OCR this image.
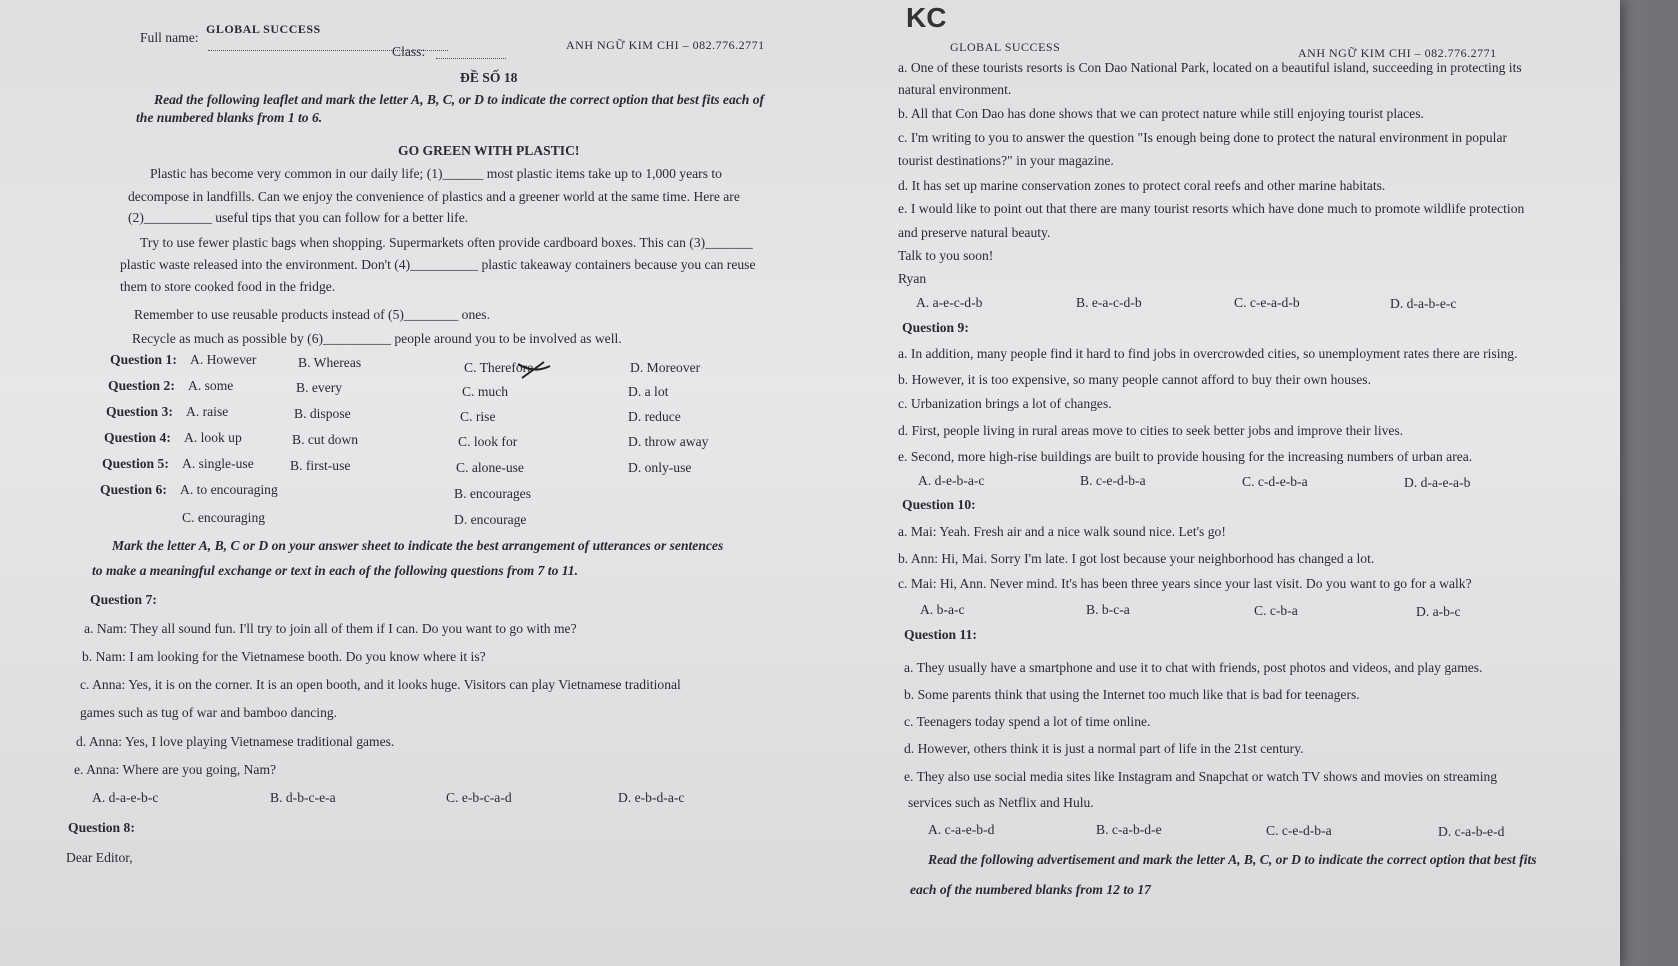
GLOBAL SUCCESS
Full name:
Class:	ANH NGỮ KIM CHI – 082.776.2771
ĐỀ SỐ 18
Read the following leaflet and mark the letter A, B, C, or D to indicate the correct option that best fits each of
the numbered blanks from 1 to 6.
GO GREEN WITH PLASTIC!
Plastic has become very common in our daily life; (1)______ most plastic items take up to 1,000 years to
decompose in landfills. Can we enjoy the convenience of plastics and a greener world at the same time. Here are
(2)__________ useful tips that you can follow for a better life.
Try to use fewer plastic bags when shopping. Supermarkets often provide cardboard boxes. This can (3)_______
plastic waste released into the environment. Don't (4)__________ plastic takeaway containers because you can reuse
them to store cooked food in the fridge.
Remember to use reusable products instead of (5)________ ones.
Recycle as much as possible by (6)__________ people around you to be involved as well.
Question 1: A. However	B. Whereas	C. Therefore	D. Moreover
Question 2: A. some	B. every	C. much	D. a lot
Question 3: A. raise	B. dispose	C. rise	D. reduce
Question 4: A. look up	B. cut down	C. look for	D. throw away
Question 5: A. single-use	B. first-use	C. alone-use	D. only-use
Question 6: A. to encouraging	B. encourages
C. encouraging	D. encourage
Mark the letter A, B, C or D on your answer sheet to indicate the best arrangement of utterances or sentences
to make a meaningful exchange or text in each of the following questions from 7 to 11.
Question 7:
a. Nam: They all sound fun. I'll try to join all of them if I can. Do you want to go with me?
b. Nam: I am looking for the Vietnamese booth. Do you know where it is?
c. Anna: Yes, it is on the corner. It is an open booth, and it looks huge. Visitors can play Vietnamese traditional
games such as tug of war and bamboo dancing.
d. Anna: Yes, I love playing Vietnamese traditional games.
e. Anna: Where are you going, Nam?
A. d-a-e-b-c	B. d-b-c-e-a	C. e-b-c-a-d	D. e-b-d-a-c
Question 8:
Dear Editor,
KC
GLOBAL SUCCESS	ANH NGỮ KIM CHI – 082.776.2771
a. One of these tourists resorts is Con Dao National Park, located on a beautiful island, succeeding in protecting its
natural environment.
b. All that Con Dao has done shows that we can protect nature while still enjoying tourist places.
c. I'm writing to you to answer the question "Is enough being done to protect the natural environment in popular
tourist destinations?" in your magazine.
d. It has set up marine conservation zones to protect coral reefs and other marine habitats.
e. I would like to point out that there are many tourist resorts which have done much to promote wildlife protection
and preserve natural beauty.
Talk to you soon!
Ryan
A. a-e-c-d-b	B. e-a-c-d-b	C. c-e-a-d-b	D. d-a-b-e-c
Question 9:
a. In addition, many people find it hard to find jobs in overcrowded cities, so unemployment rates there are rising.
b. However, it is too expensive, so many people cannot afford to buy their own houses.
c. Urbanization brings a lot of changes.
d. First, people living in rural areas move to cities to seek better jobs and improve their lives.
e. Second, more high-rise buildings are built to provide housing for the increasing numbers of urban area.
A. d-e-b-a-c	B. c-e-d-b-a	C. c-d-e-b-a	D. d-a-e-a-b
Question 10:
a. Mai: Yeah. Fresh air and a nice walk sound nice. Let's go!
b. Ann: Hi, Mai. Sorry I'm late. I got lost because your neighborhood has changed a lot.
c. Mai: Hi, Ann. Never mind. It's has been three years since your last visit. Do you want to go for a walk?
A. b-a-c	B. b-c-a	C. c-b-a	D. a-b-c
Question 11:
a. They usually have a smartphone and use it to chat with friends, post photos and videos, and play games.
b. Some parents think that using the Internet too much like that is bad for teenagers.
c. Teenagers today spend a lot of time online.
d. However, others think it is just a normal part of life in the 21st century.
e. They also use social media sites like Instagram and Snapchat or watch TV shows and movies on streaming
services such as Netflix and Hulu.
A. c-a-e-b-d	B. c-a-b-d-e	C. c-e-d-b-a	D. c-a-b-e-d
Read the following advertisement and mark the letter A, B, C, or D to indicate the correct option that best fits
each of the numbered blanks from 12 to 17
